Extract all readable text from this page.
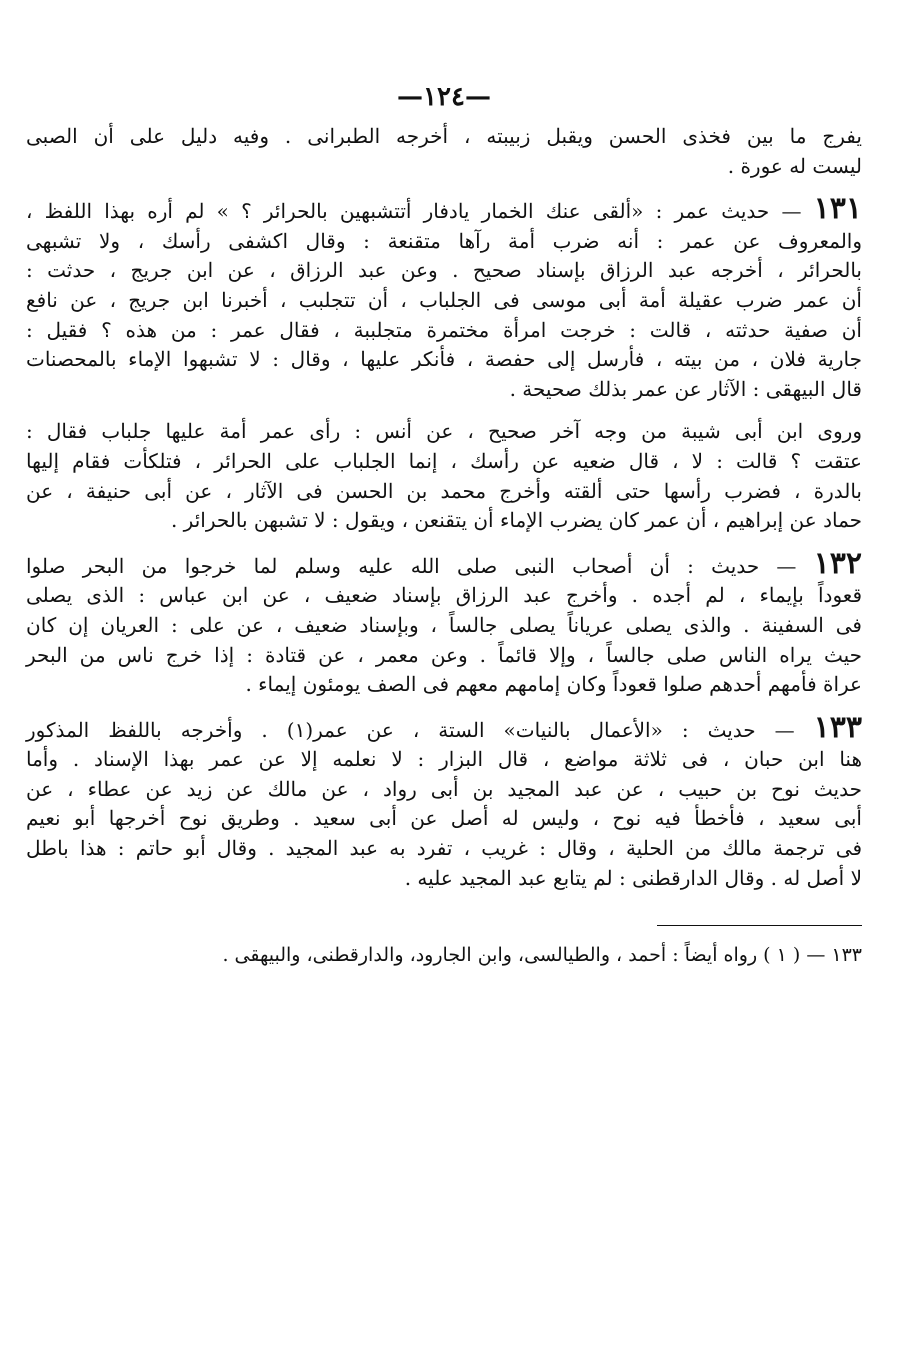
—١٢٤—
يفرج ما بين فخذى الحسن ويقبل زبيبته ، أخرجه الطبرانى . وفيه دليل على أن الصبى
ليست له عورة .
١٣١ — حديث عمر : «ألقى عنك الخمار يادفار أتتشبهين بالحرائر ؟ » لم أره بهذا اللفظ ،
والمعروف عن عمر : أنه ضرب أمة رآها متقنعة : وقال اكشفى رأسك ، ولا تشبهى
بالحرائر ، أخرجه عبد الرزاق بإسناد صحيح . وعن عبد الرزاق ، عن ابن جريج ، حدثت :
أن عمر ضرب عقيلة أمة أبى موسى فى الجلباب ، أن تتجلبب ، أخبرنا ابن جريج ، عن نافع
أن صفية حدثته ، قالت : خرجت امرأة مختمرة متجلببة ، فقال عمر : من هذه ؟ فقيل :
جارية فلان ، من بيته ، فأرسل إلى حفصة ، فأنكر عليها ، وقال : لا تشبهوا الإماء بالمحصنات
قال البيهقى : الآثار عن عمر بذلك صحيحة .
وروى ابن أبى شيبة من وجه آخر صحيح ، عن أنس : رأى عمر أمة عليها جلباب فقال :
عتقت ؟ قالت : لا ، قال ضعيه عن رأسك ، إنما الجلباب على الحرائر ، فتلكأت فقام إليها
بالدرة ، فضرب رأسها حتى ألقته وأخرج محمد بن الحسن فى الآثار ، عن أبى حنيفة ، عن
حماد عن إبراهيم ، أن عمر كان يضرب الإماء أن يتقنعن ، ويقول : لا تشبهن بالحرائر .
١٣٢ — حديث : أن أصحاب النبى صلى الله عليه وسلم لما خرجوا من البحر صلوا
قعوداً بإيماء ، لم أجده . وأخرج عبد الرزاق بإسناد ضعيف ، عن ابن عباس : الذى يصلى
فى السفينة . والذى يصلى عرياناً يصلى جالساً ، وبإسناد ضعيف ، عن على : العريان إن كان
حيث يراه الناس صلى جالساً ، وإلا قائماً . وعن معمر ، عن قتادة : إذا خرج ناس من البحر
عراة فأمهم أحدهم صلوا قعوداً وكان إمامهم معهم فى الصف يومئون إيماء .
١٣٣ — حديث : «الأعمال بالنيات» الستة ، عن عمر(١) . وأخرجه باللفظ المذكور
هنا ابن حبان ، فى ثلاثة مواضع ، قال البزار : لا نعلمه إلا عن عمر بهذا الإسناد . وأما
حديث نوح بن حبيب ، عن عبد المجيد بن أبى رواد ، عن مالك عن زيد عن عطاء ، عن
أبى سعيد ، فأخطأ فيه نوح ، وليس له أصل عن أبى سعيد . وطريق نوح أخرجها أبو نعيم
فى ترجمة مالك من الحلية ، وقال : غريب ، تفرد به عبد المجيد . وقال أبو حاتم : هذا باطل
لا أصل له . وقال الدارقطنى : لم يتابع عبد المجيد عليه .
١٣٣ — ( ١ ) رواه أيضاً : أحمد ، والطيالسى، وابن الجارود، والدارقطنى، والبيهقى .
